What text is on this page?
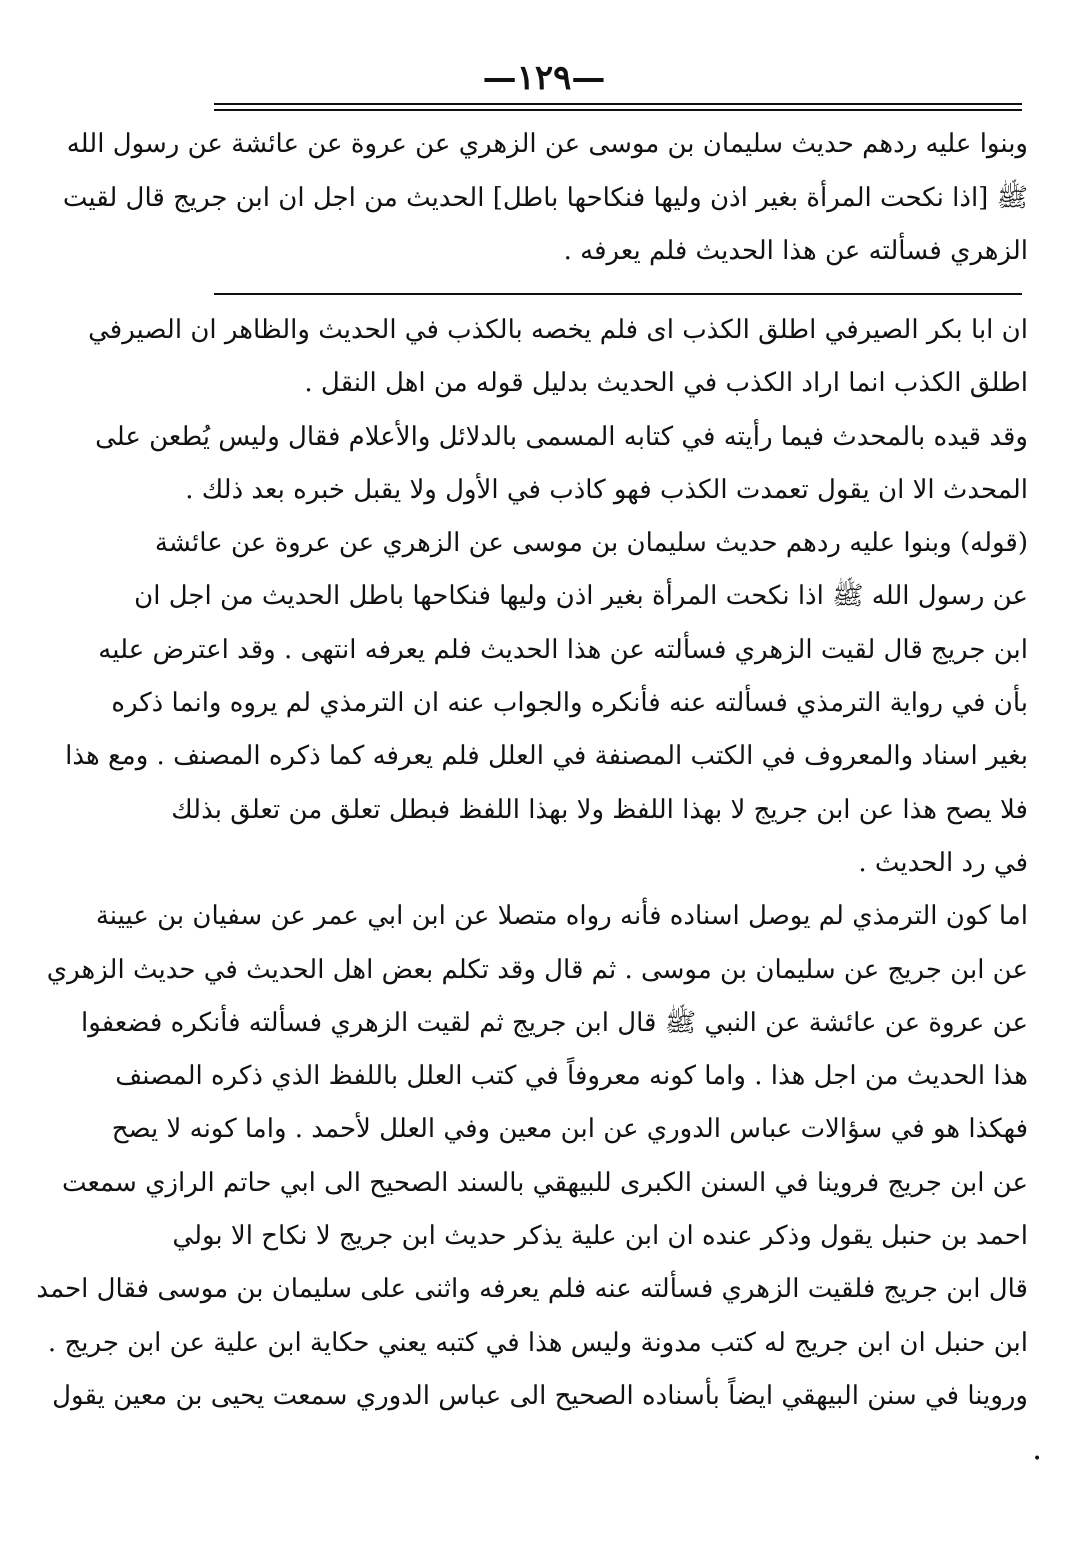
—١٢٩—
وبنوا عليه ردهم حديث سليمان بن موسى عن الزهري عن عروة عن عائشة عن رسول الله
ﷺ [اذا نكحت المرأة بغير اذن وليها فنكاحها باطل] الحديث من اجل ان ابن جريج قال لقيت
الزهري فسألته عن هذا الحديث فلم يعرفه .
ان ابا بكر الصيرفي اطلق الكذب اى فلم يخصه بالكذب في الحديث والظاهر ان الصيرفي
اطلق الكذب انما اراد الكذب في الحديث بدليل قوله من اهل النقل .
وقد قيده بالمحدث فيما رأيته في كتابه المسمى بالدلائل والأعلام فقال وليس يُطعن على
المحدث الا ان يقول تعمدت الكذب فهو كاذب في الأول ولا يقبل خبره بعد ذلك .
(قوله) وبنوا عليه ردهم حديث سليمان بن موسى عن الزهري عن عروة عن عائشة
عن رسول الله ﷺ اذا نكحت المرأة بغير اذن وليها فنكاحها باطل الحديث من اجل ان
ابن جريج قال لقيت الزهري فسألته عن هذا الحديث فلم يعرفه انتهى . وقد اعترض عليه
بأن في رواية الترمذي فسألته عنه فأنكره والجواب عنه ان الترمذي لم يروه وانما ذكره
بغير اسناد والمعروف في الكتب المصنفة في العلل فلم يعرفه كما ذكره المصنف . ومع هذا
فلا يصح هذا عن ابن جريج لا بهذا اللفظ ولا بهذا اللفظ فبطل تعلق من تعلق بذلك
في رد الحديث .
اما كون الترمذي لم يوصل اسناده فأنه رواه متصلا عن ابن ابي عمر عن سفيان بن عيينة
عن ابن جريج عن سليمان بن موسى . ثم قال وقد تكلم بعض اهل الحديث في حديث الزهري
عن عروة عن عائشة عن النبي ﷺ قال ابن جريج ثم لقيت الزهري فسألته فأنكره فضعفوا
هذا الحديث من اجل هذا . واما كونه معروفاً في كتب العلل باللفظ الذي ذكره المصنف
فهكذا هو في سؤالات عباس الدوري عن ابن معين وفي العلل لأحمد . واما كونه لا يصح
عن ابن جريج فروينا في السنن الكبرى للبيهقي بالسند الصحيح الى ابي حاتم الرازي سمعت
احمد بن حنبل يقول وذكر عنده ان ابن علية يذكر حديث ابن جريج لا نكاح الا بولي
قال ابن جريج فلقيت الزهري فسألته عنه فلم يعرفه واثنى على سليمان بن موسى فقال احمد
ابن حنبل ان ابن جريج له كتب مدونة وليس هذا في كتبه يعني حكاية ابن علية عن ابن جريج .
وروينا في سنن البيهقي ايضاً بأسناده الصحيح الى عباس الدوري سمعت يحيى بن معين يقول
•
